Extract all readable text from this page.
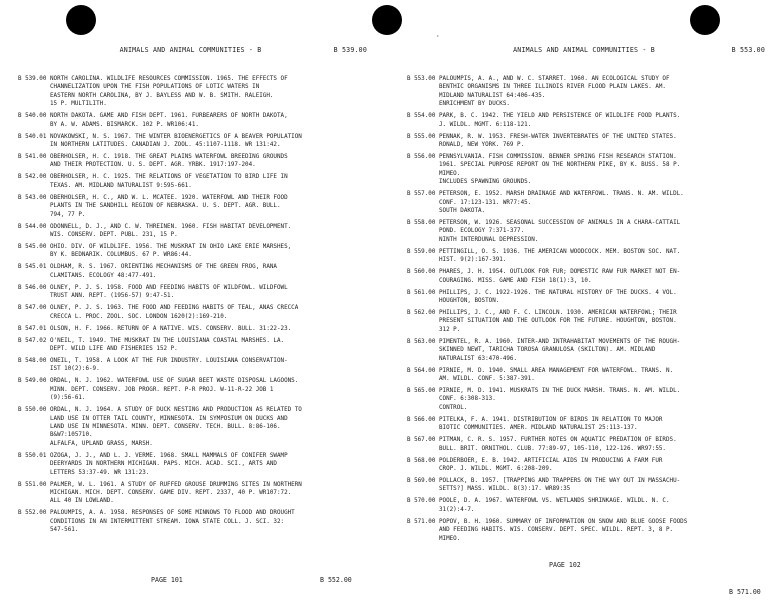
‘
ANIMALS AND ANIMAL COMMUNITIES - B	B 539.00
B 539.00 NORTH CAROLINA. WILDLIFE RESOURCES COMMISSION. 1965. THE EFFECTS OF
CHANNELIZATION UPON THE FISH POPULATIONS OF LOTIC WATERS IN
EASTERN NORTH CAROLINA, BY J. BAYLESS AND W. B. SMITH. RALEIGH.
15 P. MULTILITH.
B 540.00 NORTH DAKOTA. GAME AND FISH DEPT. 1961. FURBEARERS OF NORTH DAKOTA,
BY A. W. ADAMS. BISMARCK. 102 P. WR106:41.
B 540.01 NOVAKOWSKI, N. S. 1967. THE WINTER BIOENERGETICS OF A BEAVER POPULATION
IN NORTHERN LATITUDES. CANADIAN J. ZOOL. 45:1107-1118. WR 131:42.
B 541.00 OBERHOLSER, H. C. 1918. THE GREAT PLAINS WATERFOWL BREEDING GROUNDS
AND THEIR PROTECTION. U. S. DEPT. AGR. YRBK. 1917:197-204.
B 542.00 OBERHOLSER, H. C. 1925. THE RELATIONS OF VEGETATION TO BIRD LIFE IN
TEXAS. AM. MIDLAND NATURALIST 9:595-661.
B 543.00 OBERHOLSER, H. C., AND W. L. MCATEE. 1920. WATERFOWL AND THEIR FOOD
PLANTS IN THE SANDHILL REGION OF NEBRASKA. U. S. DEPT. AGR. BULL.
794, 77 P.
B 544.00 ODONNELL, D. J., AND C. W. THREINEN. 1960. FISH HABITAT DEVELOPMENT.
WIS. CONSERV. DEPT. PUBL. 231, 15 P.
B 545.00 OHIO. DIV. OF WILDLIFE. 1956. THE MUSKRAT IN OHIO LAKE ERIE MARSHES,
BY K. BEDNARIK. COLUMBUS. 67 P. WR86:44.
B 545.01 OLDHAM, R. S. 1967. ORIENTING MECHANISMS OF THE GREEN FROG, RANA
CLAMITANS. ECOLOGY 48:477-491.
B 546.00 OLNEY, P. J. S. 1958. FOOD AND FEEDING HABITS OF WILDFOWL. WILDFOWL
TRUST ANN. REPT. (1956-57) 9:47-51.
B 547.00 OLNEY, P. J. S. 1963. THE FOOD AND FEEDING HABITS OF TEAL, ANAS CRECCA
CRECCA L. PROC. ZOOL. SOC. LONDON 1620(2):169-210.
B 547.01 OLSON, H. F. 1966. RETURN OF A NATIVE. WIS. CONSERV. BULL. 31:22-23.
B 547.02 O'NEIL, T. 1949. THE MUSKRAT IN THE LOUISIANA COASTAL MARSHES. LA.
DEPT. WILD LIFE AND FISHERIES 152 P.
B 548.00 ONEIL, T. 1958. A LOOK AT THE FUR INDUSTRY. LOUISIANA CONSERVATION-
IST 10(2):6-9.
B 549.00 ORDAL, N. J. 1962. WATERFOWL USE OF SUGAR BEET WASTE DISPOSAL LAGOONS.
MINN. DEPT. CONSERV. JOB PROGR. REPT. P-R PROJ. W-11-R-22 JOB 1
(9):56-61.
B 550.00 ORDAL, N. J. 1964. A STUDY OF DUCK NESTING AND PRODUCTION AS RELATED TO
LAND USE IN OTTER TAIL COUNTY, MINNESOTA. IN SYMPOSIUM ON DUCKS AND
LAND USE IN MINNESOTA. MINN. DEPT. CONSERV. TECH. BULL. 8:86-106.
B&W7:105710.
ALFALFA, UPLAND GRASS, MARSH.
B 550.01 OZOGA, J. J., AND L. J. VERME. 1968. SMALL MAMMALS OF CONIFER SWAMP
DEERYARDS IN NORTHERN MICHIGAN. PAPS. MICH. ACAD. SCI., ARTS AND
LETTERS 53:37-49. WR 131:23.
B 551.00 PALMER, W. L. 1961. A STUDY OF RUFFED GROUSE DRUMMING SITES IN NORTHERN
MICHIGAN. MICH. DEPT. CONSERV. GAME DIV. REPT. 2337, 40 P. WR107:72.
ALL 40 IN LOWLAND.
B 552.00 PALOUMPIS, A. A. 1958. RESPONSES OF SOME MINNOWS TO FLOOD AND DROUGHT
CONDITIONS IN AN INTERMITTENT STREAM. IOWA STATE COLL. J. SCI. 32:
547-561.
PAGE 101	B 552.00
ANIMALS AND ANIMAL COMMUNITIES - B	B 553.00
B 553.00 PALOUMPIS, A. A., AND W. C. STARRET. 1960. AN ECOLOGICAL STUDY OF
BENTHIC ORGANISMS IN THREE ILLINOIS RIVER FLOOD PLAIN LAKES. AM.
MIDLAND NATURALIST 64:406-435.
ENRICHMENT BY DUCKS.
B 554.00 PARK, B. C. 1942. THE YIELD AND PERSISTENCE OF WILDLIFE FOOD PLANTS.
J. WILDL. MGMT. 6:118-121.
B 555.00 PENNAK, R. W. 1953. FRESH-WATER INVERTEBRATES OF THE UNITED STATES.
RONALD, NEW YORK. 769 P.
B 556.00 PENNSYLVANIA. FISH COMMISSION. BENNER SPRING FISH RESEARCH STATION.
1961. SPECIAL PURPOSE REPORT ON THE NORTHERN PIKE, BY K. BUSS. 58 P.
MIMEO.
INCLUDES SPAWNING GROUNDS.
B 557.00 PETERSON, E. 1952. MARSH DRAINAGE AND WATERFOWL. TRANS. N. AM. WILDL.
CONF. 17:123-131. WR77:45.
SOUTH DAKOTA.
B 558.00 PETERSON, W. 1926. SEASONAL SUCCESSION OF ANIMALS IN A CHARA-CATTAIL
POND. ECOLOGY 7:371-377.
NINTH INTERDUNAL DEPRESSION.
B 559.00 PETTINGILL, O. S. 1936. THE AMERICAN WOODCOCK. MEM. BOSTON SOC. NAT.
HIST. 9(2):167-391.
B 560.00 PHARES, J. H. 1954. OUTLOOK FOR FUR; DOMESTIC RAW FUR MARKET NOT EN-
COURAGING. MISS. GAME AND FISH 18(1):3, 10.
B 561.00 PHILLIPS, J. C. 1922-1926. THE NATURAL HISTORY OF THE DUCKS. 4 VOL.
HOUGHTON, BOSTON.
B 562.00 PHILLIPS, J. C., AND F. C. LINCOLN. 1930. AMERICAN WATERFOWL; THEIR
PRESENT SITUATION AND THE OUTLOOK FOR THE FUTURE. HOUGHTON, BOSTON.
312 P.
B 563.00 PIMENTEL, R. A. 1960. INTER-AND INTRAHABITAT MOVEMENTS OF THE ROUGH-
SKINNED NEWT, TARICHA TOROSA GRANULOSA (SKILTON). AM. MIDLAND
NATURALIST 63:470-496.
B 564.00 PIRNIE, M. D. 1940. SMALL AREA MANAGEMENT FOR WATERFOWL. TRANS. N.
AM. WILDL. CONF. 5:387-391.
B 565.00 PIRNIE, M. D. 1941. MUSKRATS IN THE DUCK MARSH. TRANS. N. AM. WILDL.
CONF. 6:308-313.
CONTROL.
B 566.00 PITELKA, F. A. 1941. DISTRIBUTION OF BIRDS IN RELATION TO MAJOR
BIOTIC COMMUNITIES. AMER. MIDLAND NATURALIST 25:113-137.
B 567.00 PITMAN, C. R. S. 1957. FURTHER NOTES ON AQUATIC PREDATION OF BIRDS.
BULL. BRIT. ORNITHOL. CLUB. 77:89-97, 105-110, 122-126. WR97:55.
B 568.00 POLDERBOER, E. B. 1942. ARTIFICIAL AIDS IN PRODUCING A FARM FUR
CROP. J. WILDL. MGMT. 6:208-209.
B 569.00 POLLACK, B. 1957. [TRAPPING AND TRAPPERS ON THE WAY OUT IN MASSACHU-
SETTS?] MASS. WILDL. 8(3):17. WR89:35
B 570.00 POOLE, D. A. 1967. WATERFOWL VS. WETLANDS SHRINKAGE. WILDL. N. C.
31(2):4-7.
B 571.00 POPOV, B. H. 1960. SUMMARY OF INFORMATION ON SNOW AND BLUE GOOSE FOODS
AND FEEDING HABITS. WIS. CONSERV. DEPT. SPEC. WILDL. REPT. 3, 8 P.
MIMEO.
PAGE 102
B 571.00
